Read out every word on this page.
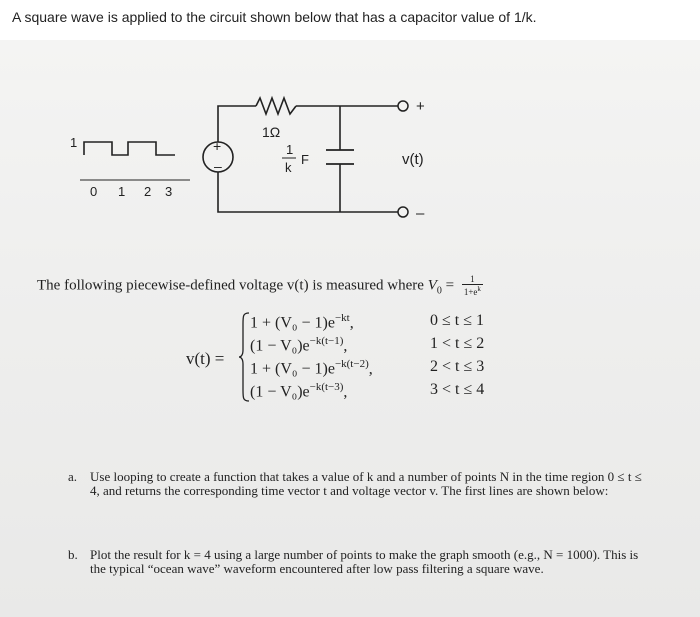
A square wave is applied to the circuit shown below that has a capacitor value of 1/k.
1
0 1 2 3
+
–
1Ω
1
k
F
+
–
v(t)
The following piecewise-defined voltage v(t) is measured where $V_0 = \frac{1}{1+e^k}$
v(t) =
$1 + (V_0 - 1)e^{-kt}$,	0 ≤ t ≤ 1
$(1 - V_0)e^{-k(t-1)}$,	1 < t ≤ 2
$1 + (V_0 - 1)e^{-k(t-2)}$,	2 < t ≤ 3
$(1 - V_0)e^{-k(t-3)}$,	3 < t ≤ 4
a. Use looping to create a function that takes a value of k and a number of points N in the time region 0 ≤ t ≤ 4, and returns the corresponding time vector t and voltage vector v. The first lines are shown below:
b. Plot the result for k = 4 using a large number of points to make the graph smooth (e.g., N = 1000). This is the typical “ocean wave” waveform encountered after low pass filtering a square wave.
